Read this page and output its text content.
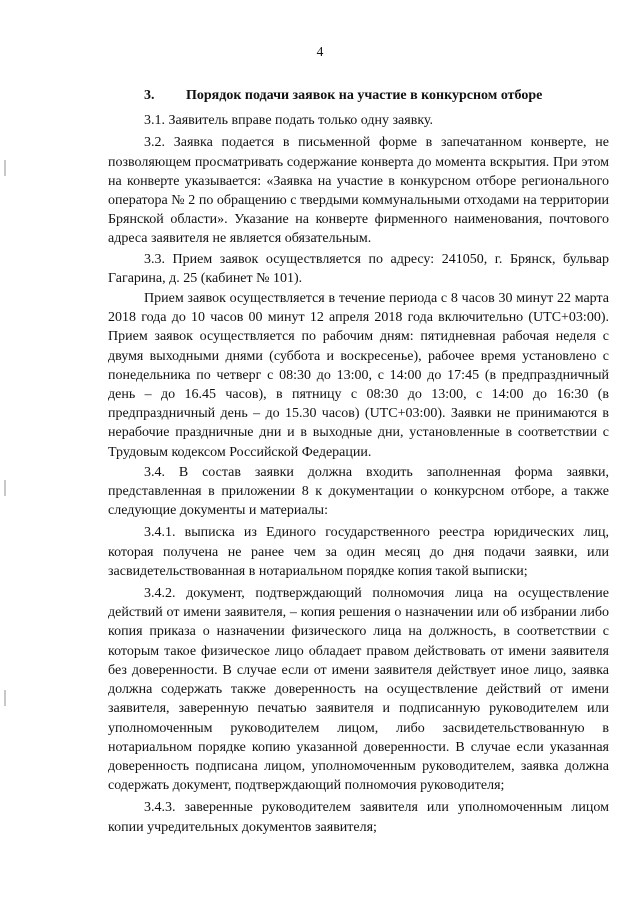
4

3. Порядок подачи заявок на участие в конкурсном отборе

3.1. Заявитель вправе подать только одну заявку.

3.2. Заявка подается в письменной форме в запечатанном конверте, не позволяющем просматривать содержание конверта до момента вскрытия. При этом на конверте указывается: «Заявка на участие в конкурсном отборе регионального оператора № 2 по обращению с твердыми коммунальными отходами на территории Брянской области». Указание на конверте фирменного наименования, почтового адреса заявителя не является обязательным.

3.3. Прием заявок осуществляется по адресу: 241050, г. Брянск, бульвар Гагарина, д. 25 (кабинет № 101).

Прием заявок осуществляется в течение периода с 8 часов 30 минут 22 марта 2018 года до 10 часов 00 минут 12 апреля 2018 года включительно (UTC+03:00). Прием заявок осуществляется по рабочим дням: пятидневная рабочая неделя с двумя выходными днями (суббота и воскресенье), рабочее время установлено с понедельника по четверг с 08:30 до 13:00, с 14:00 до 17:45 (в предпраздничный день – до 16.45 часов), в пятницу с 08:30 до 13:00, с 14:00 до 16:30 (в предпраздничный день – до 15.30 часов) (UTC+03:00). Заявки не принимаются в нерабочие праздничные дни и в выходные дни, установленные в соответствии с Трудовым кодексом Российской Федерации.

3.4. В состав заявки должна входить заполненная форма заявки, представленная в приложении 8 к документации о конкурсном отборе, а также следующие документы и материалы:

3.4.1. выписка из Единого государственного реестра юридических лиц, которая получена не ранее чем за один месяц до дня подачи заявки, или засвидетельствованная в нотариальном порядке копия такой выписки;

3.4.2. документ, подтверждающий полномочия лица на осуществление действий от имени заявителя, – копия решения о назначении или об избрании либо копия приказа о назначении физического лица на должность, в соответствии с которым такое физическое лицо обладает правом действовать от имени заявителя без доверенности. В случае если от имени заявителя действует иное лицо, заявка должна содержать также доверенность на осуществление действий от имени заявителя, заверенную печатью заявителя и подписанную руководителем или уполномоченным руководителем лицом, либо засвидетельствованную в нотариальном порядке копию указанной доверенности. В случае если указанная доверенность подписана лицом, уполномоченным руководителем, заявка должна содержать документ, подтверждающий полномочия руководителя;

3.4.3. заверенные руководителем заявителя или уполномоченным лицом копии учредительных документов заявителя;
